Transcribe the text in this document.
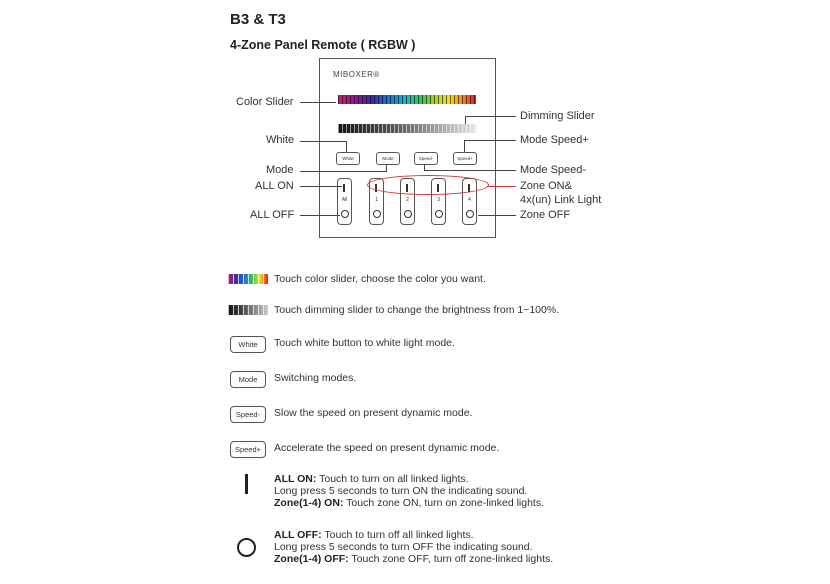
B3 & T3
4-Zone Panel Remote ( RGBW )
MIBOXER®
White	Mode	Speed-	Speed+
All	1	2	3	4
Color Slider
White
Mode
ALL ON
ALL OFF
Dimming Slider
Mode Speed+
Mode Speed-
Zone ON&
4x(un) Link Light
Zone OFF
Touch color slider, choose the color you want.
Touch dimming slider to change the brightness from 1~100%.
White	Touch white button to white light mode.
Mode	Switching modes.
Speed-	Slow the speed on present dynamic mode.
Speed+	Accelerate the speed on present dynamic mode.
ALL ON: Touch to turn on all linked lights.
Long press 5 seconds to turn ON the indicating sound.
Zone(1-4) ON: Touch zone ON, turn on zone-linked lights.
ALL OFF: Touch to turn off all linked lights.
Long press 5 seconds to turn OFF the indicating sound.
Zone(1-4) OFF: Touch zone OFF, turn off zone-linked lights.
